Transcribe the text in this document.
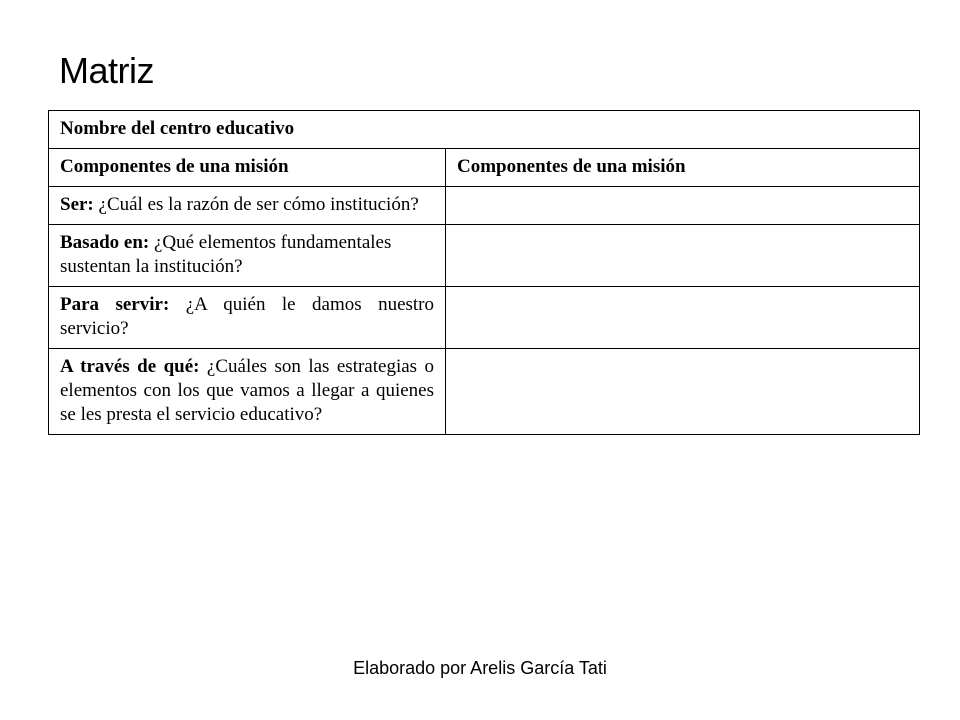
Matriz
Nombre del centro educativo	
Componentes de una misión	Componentes de una misión
Ser: ¿Cuál es la razón de ser cómo institución?	
Basado en: ¿Qué elementos fundamentales sustentan la institución?	
Para servir: ¿A quién le damos nuestro servicio?	
A través de qué: ¿Cuáles son las estrategias o elementos con los que vamos a llegar a quienes se les presta el servicio educativo?	
Elaborado por Arelis García Tati
